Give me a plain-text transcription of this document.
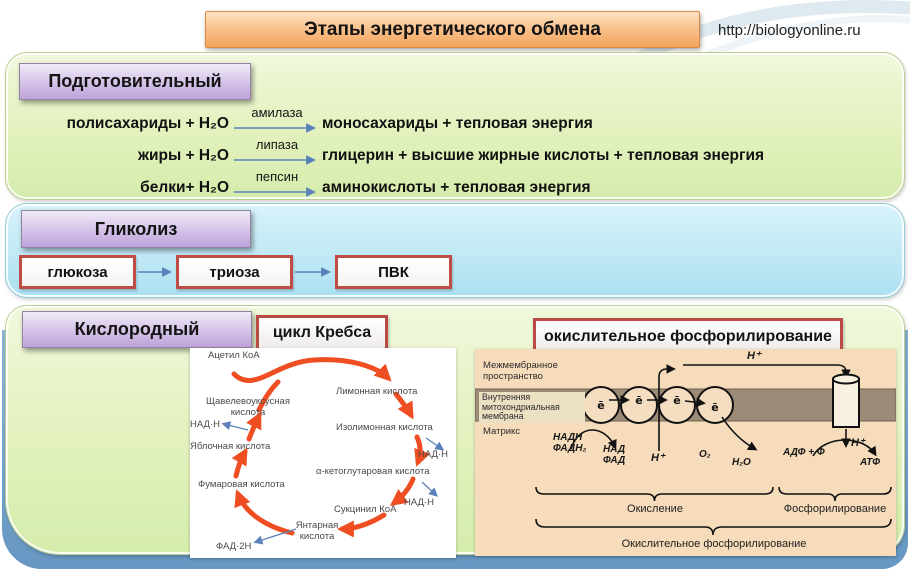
Этапы энергетического обмена	http://biologyonline.ru
Подготовительный
амилаза
полисахариды + Н₂О	моносахариды + тепловая энергия
липаза
жиры + Н₂О	глицерин + высшие жирные кислоты + тепловая энергия
пепсин
белки+ Н₂О	аминокислоты + тепловая энергия
Гликолиз
глюкоза	триоза	ПВК
Кислородный	цикл Кребса	окислительное фосфорилирование
Ацетил КоА
Лимонная кислота
Щавелевоуксусная
кислота
НАД·Н	Изолимонная кислота
Яблочная кислота
НАД·Н
α-кетоглутаровая кислота
Фумаровая кислота
НАД·Н
Сукцинил КоА
Янтарная
кислота
ФАД·2Н
ē	ē	ē
ē
Межмембранное
пространство
Внутренняя
митохондриальная
мембрана
Матрикс
H⁺
НАДН
ФАДН₂ НАД
ФАД H⁺	O₂
H₂O
АДФ + Ф
H⁺
АТФ
Окисление	Фосфорилирование
Окислительное фосфорилирование
